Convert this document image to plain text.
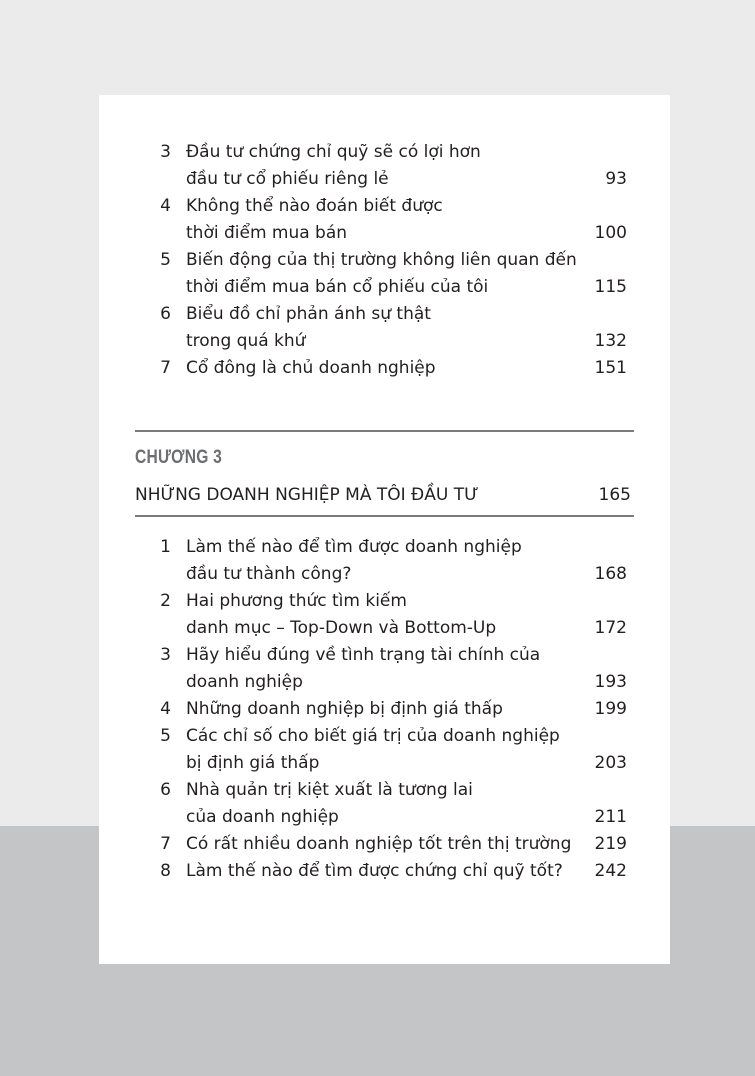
3 Đầu tư chứng chỉ quỹ sẽ có lợi hơn
đầu tư cổ phiếu riêng lẻ	93
4 Không thể nào đoán biết được
thời điểm mua bán	100
5 Biến động của thị trường không liên quan đến
thời điểm mua bán cổ phiếu của tôi	115
6 Biểu đồ chỉ phản ánh sự thật
trong quá khứ	132
7 Cổ đông là chủ doanh nghiệp	151
CHƯƠNG 3
NHỮNG DOANH NGHIỆP MÀ TÔI ĐẦU TƯ	165
1 Làm thế nào để tìm được doanh nghiệp
đầu tư thành công?	168
2 Hai phương thức tìm kiếm
danh mục – Top-Down và Bottom-Up	172
3 Hãy hiểu đúng về tình trạng tài chính của
doanh nghiệp	193
4 Những doanh nghiệp bị định giá thấp	199
5 Các chỉ số cho biết giá trị của doanh nghiệp
bị định giá thấp	203
6 Nhà quản trị kiệt xuất là tương lai
của doanh nghiệp	211
7 Có rất nhiều doanh nghiệp tốt trên thị trường 219
8 Làm thế nào để tìm được chứng chỉ quỹ tốt? 242
